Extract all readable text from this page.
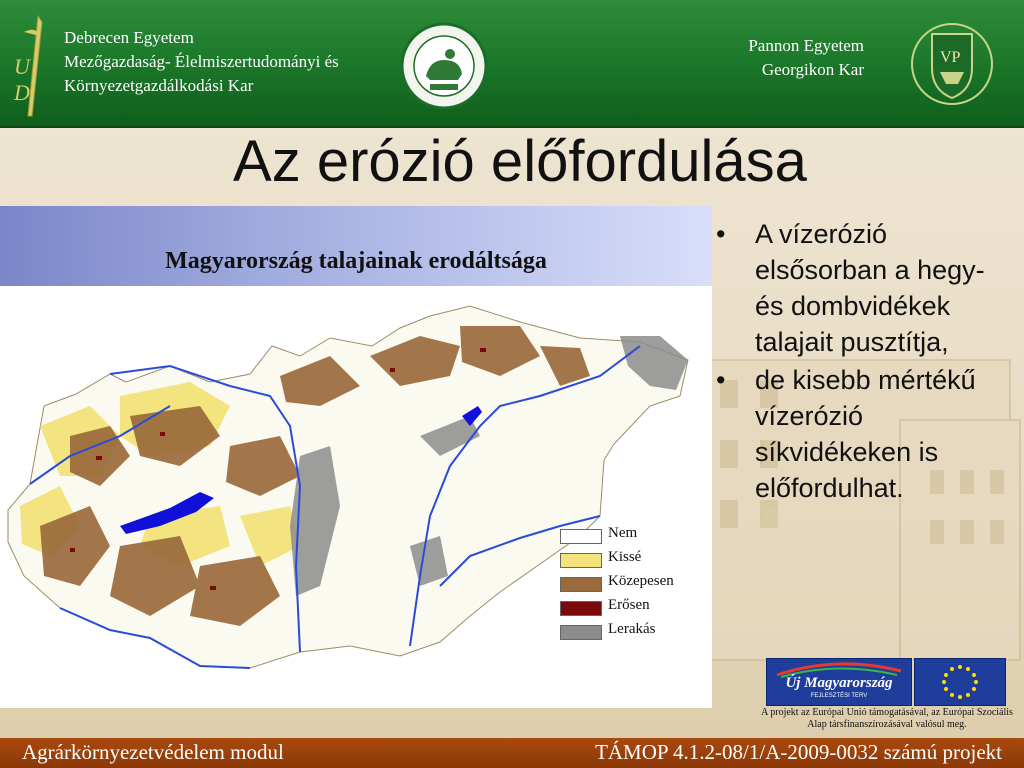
U
D
Debrecen Egyetem
Mezőgazdaság- Élelmiszertudományi és
Környezetgazdálkodási Kar
Pannon Egyetem
Georgikon Kar
VP
Az erózió előfordulása
Magyarország talajainak erodáltsága
Nem
Kissé
Közepesen
Erősen
Lerakás
• A vízerózió elsősorban a hegy- és dombvidékek talajait pusztítja,
• de kisebb mértékű vízerózió síkvidékeken is előfordulhat.
Új Magyarország
FEJLESZTÉSI TERV
A projekt az Európai Unió támogatásával, az Európai Szociális Alap társfinanszírozásával valósul meg.
Agrárkörnyezetvédelem modul	TÁMOP 4.1.2-08/1/A-2009-0032 számú projekt
